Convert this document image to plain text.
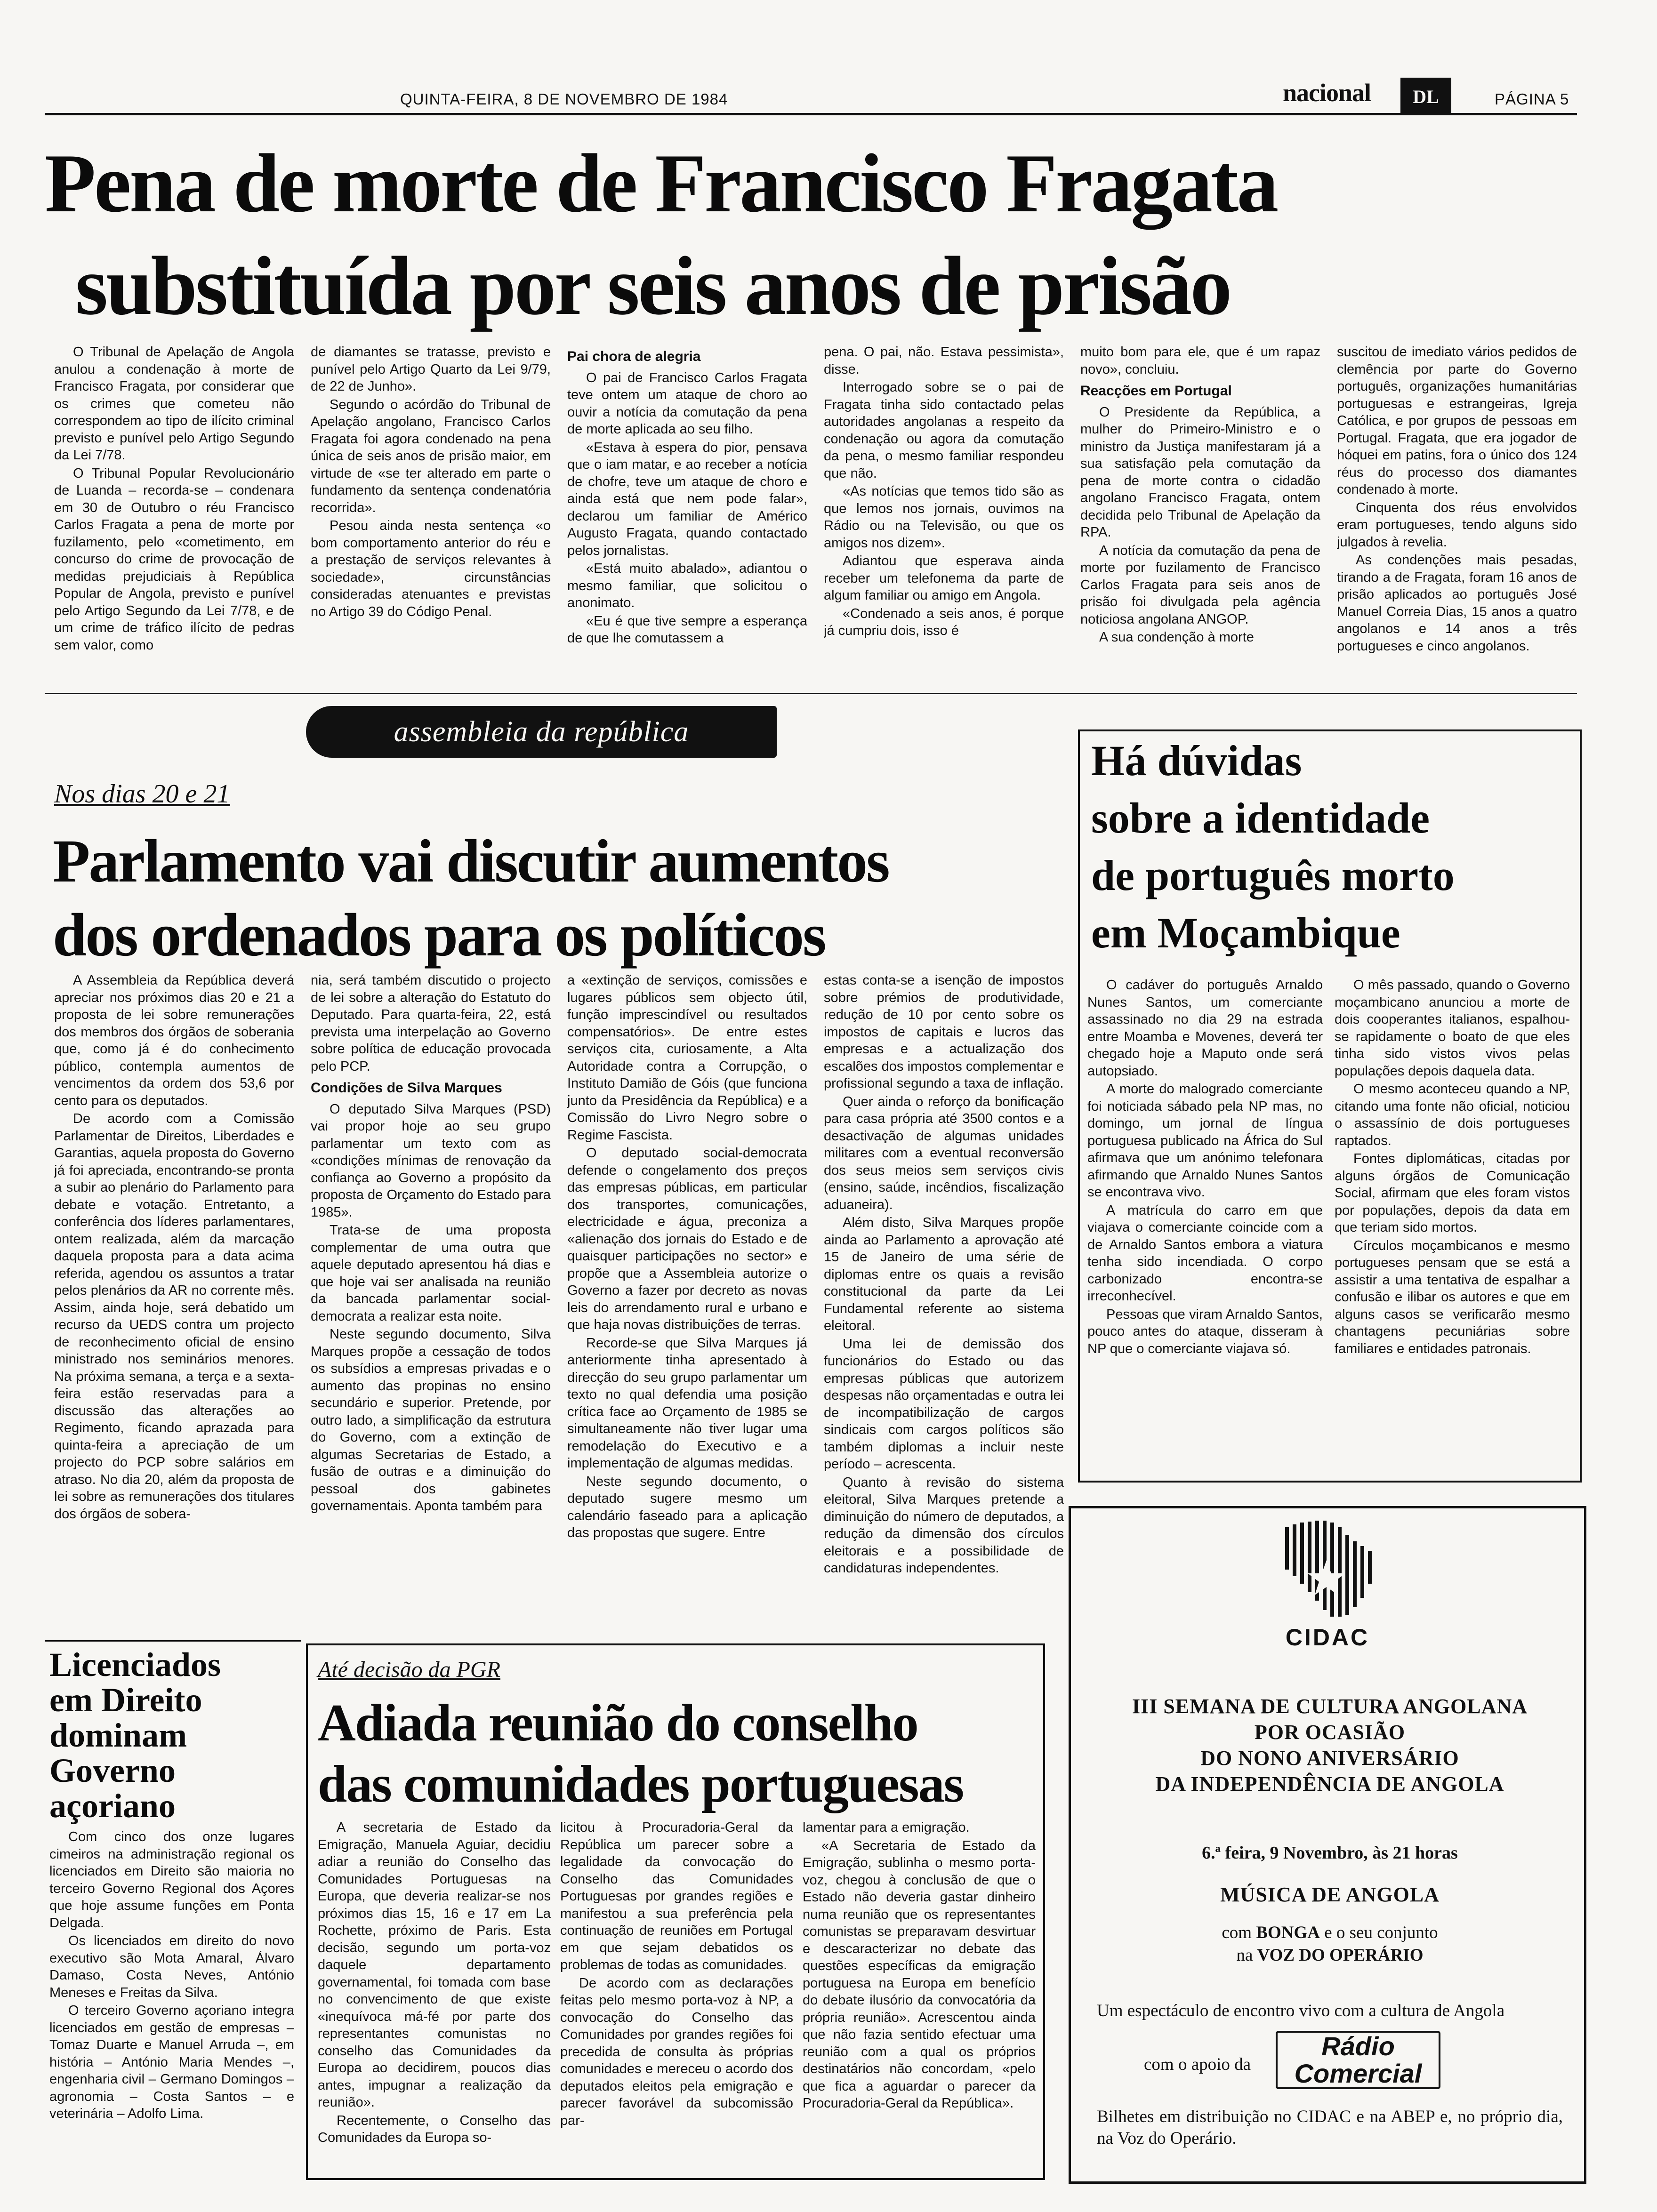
QUINTA-FEIRA, 8 DE NOVEMBRO DE 1984	nacional	DL	PÁGINA 5
Pena de morte de Francisco Fragata
substituída por seis anos de prisão

O Tribunal de Apelação de Angola anulou a condenação à morte de Francisco Fragata, por considerar que os crimes que cometeu não correspondem ao tipo de ilícito criminal previsto e punível pelo Artigo Segundo da Lei 7/78.

O Tribunal Popular Revolucionário de Luanda – recorda-se – condenara em 30 de Outubro o réu Francisco Carlos Fragata a pena de morte por fuzilamento, pelo «cometimento, em concurso do crime de provocação de medidas prejudiciais à República Popular de Angola, previsto e punível pelo Artigo Segundo da Lei 7/78, e de um crime de tráfico ilícito de pedras sem valor, como

de diamantes se tratasse, previsto e punível pelo Artigo Quarto da Lei 9/79, de 22 de Junho».

Segundo o acórdão do Tribunal de Apelação angolano, Francisco Carlos Fragata foi agora condenado na pena única de seis anos de prisão maior, em virtude de «se ter alterado em parte o fundamento da sentença condenatória recorrida».

Pesou ainda nesta sentença «o bom comportamento anterior do réu e a prestação de serviços relevantes à sociedade», circunstâncias consideradas atenuantes e previstas no Artigo 39 do Código Penal.

Pai chora de alegria

O pai de Francisco Carlos Fragata teve ontem um ataque de choro ao ouvir a notícia da comutação da pena de morte aplicada ao seu filho.

«Estava à espera do pior, pensava que o iam matar, e ao receber a notícia de chofre, teve um ataque de choro e ainda está que nem pode falar», declarou um familiar de Américo Augusto Fragata, quando contactado pelos jornalistas.

«Está muito abalado», adiantou o mesmo familiar, que solicitou o anonimato.

«Eu é que tive sempre a esperança de que lhe comutassem a

pena. O pai, não. Estava pessimista», disse.

Interrogado sobre se o pai de Fragata tinha sido contactado pelas autoridades angolanas a respeito da condenação ou agora da comutação da pena, o mesmo familiar respondeu que não.

«As notícias que temos tido são as que lemos nos jornais, ouvimos na Rádio ou na Televisão, ou que os amigos nos dizem».

Adiantou que esperava ainda receber um telefonema da parte de algum familiar ou amigo em Angola.

«Condenado a seis anos, é porque já cumpriu dois, isso é

muito bom para ele, que é um rapaz novo», concluiu.

Reacções em Portugal

O Presidente da República, a mulher do Primeiro-Ministro e o ministro da Justiça manifestaram já a sua satisfação pela comutação da pena de morte contra o cidadão angolano Francisco Fragata, ontem decidida pelo Tribunal de Apelação da RPA.

A notícia da comutação da pena de morte por fuzilamento de Francisco Carlos Fragata para seis anos de prisão foi divulgada pela agência noticiosa angolana ANGOP.

A sua condenção à morte

suscitou de imediato vários pedidos de clemência por parte do Governo português, organizações humanitárias portuguesas e estrangeiras, Igreja Católica, e por grupos de pessoas em Portugal. Fragata, que era jogador de hóquei em patins, fora o único dos 124 réus do processo dos diamantes condenado à morte.

Cinquenta dos réus envolvidos eram portugueses, tendo alguns sido julgados à revelia.

As condenções mais pesadas, tirando a de Fragata, foram 16 anos de prisão aplicados ao português José Manuel Correia Dias, 15 anos a quatro angolanos e 14 anos a três portugueses e cinco angolanos.

assembleia da república
Nos dias 20 e 21
Parlamento vai discutir aumentos
dos ordenados para os políticos

A Assembleia da República deverá apreciar nos próximos dias 20 e 21 a proposta de lei sobre remunerações dos membros dos órgãos de soberania que, como já é do conhecimento público, contempla aumentos de vencimentos da ordem dos 53,6 por cento para os deputados.

De acordo com a Comissão Parlamentar de Direitos, Liberdades e Garantias, aquela proposta do Governo já foi apreciada, encontrando-se pronta a subir ao plenário do Parlamento para debate e votação. Entretanto, a conferência dos líderes parlamentares, ontem realizada, além da marcação daquela proposta para a data acima referida, agendou os assuntos a tratar pelos plenários da AR no corrente mês. Assim, ainda hoje, será debatido um recurso da UEDS contra um projecto de reconhecimento oficial de ensino ministrado nos seminários menores. Na próxima semana, a terça e a sexta-feira estão reservadas para a discussão das alterações ao Regimento, ficando aprazada para quinta-feira a apreciação de um projecto do PCP sobre salários em atraso. No dia 20, além da proposta de lei sobre as remunerações dos titulares dos órgãos de sobera-

nia, será também discutido o projecto de lei sobre a alteração do Estatuto do Deputado. Para quarta-feira, 22, está prevista uma interpelação ao Governo sobre política de educação provocada pelo PCP.

Condições de Silva Marques

O deputado Silva Marques (PSD) vai propor hoje ao seu grupo parlamentar um texto com as «condições mínimas de renovação da confiança ao Governo a propósito da proposta de Orçamento do Estado para 1985».

Trata-se de uma proposta complementar de uma outra que aquele deputado apresentou há dias e que hoje vai ser analisada na reunião da bancada parlamentar social-democrata a realizar esta noite.

Neste segundo documento, Silva Marques propõe a cessação de todos os subsídios a empresas privadas e o aumento das propinas no ensino secundário e superior. Pretende, por outro lado, a simplificação da estrutura do Governo, com a extinção de algumas Secretarias de Estado, a fusão de outras e a diminuição do pessoal dos gabinetes governamentais. Aponta também para

a «extinção de serviços, comissões e lugares públicos sem objecto útil, função imprescindível ou resultados compensatórios». De entre estes serviços cita, curiosamente, a Alta Autoridade contra a Corrupção, o Instituto Damião de Góis (que funciona junto da Presidência da República) e a Comissão do Livro Negro sobre o Regime Fascista.

O deputado social-democrata defende o congelamento dos preços das empresas públicas, em particular dos transportes, comunicações, electricidade e água, preconiza a «alienação dos jornais do Estado e de quaisquer participações no sector» e propõe que a Assembleia autorize o Governo a fazer por decreto as novas leis do arrendamento rural e urbano e que haja novas distribuições de terras.

Recorde-se que Silva Marques já anteriormente tinha apresentado à direcção do seu grupo parlamentar um texto no qual defendia uma posição crítica face ao Orçamento de 1985 se simultaneamente não tiver lugar uma remodelação do Executivo e a implementação de algumas medidas.

Neste segundo documento, o deputado sugere mesmo um calendário faseado para a aplicação das propostas que sugere. Entre

estas conta-se a isenção de impostos sobre prémios de produtividade, redução de 10 por cento sobre os impostos de capitais e lucros das empresas e a actualização dos escalões dos impostos complementar e profissional segundo a taxa de inflação.

Quer ainda o reforço da bonificação para casa própria até 3500 contos e a desactivação de algumas unidades militares com a eventual reconversão dos seus meios sem serviços civis (ensino, saúde, incêndios, fiscalização aduaneira).

Além disto, Silva Marques propõe ainda ao Parlamento a aprovação até 15 de Janeiro de uma série de diplomas entre os quais a revisão constitucional da parte da Lei Fundamental referente ao sistema eleitoral.

Uma lei de demissão dos funcionários do Estado ou das empresas públicas que autorizem despesas não orçamentadas e outra lei de incompatibilização de cargos sindicais com cargos políticos são também diplomas a incluir neste período – acrescenta.

Quanto à revisão do sistema eleitoral, Silva Marques pretende a diminuição do número de deputados, a redução da dimensão dos círculos eleitorais e a possibilidade de candidaturas independentes.

Há dúvidas
sobre a identidade
de português morto
em Moçambique

O cadáver do português Arnaldo Nunes Santos, um comerciante assassinado no dia 29 na estrada entre Moamba e Movenes, deverá ter chegado hoje a Maputo onde será autopsiado.

A morte do malogrado comerciante foi noticiada sábado pela NP mas, no domingo, um jornal de língua portuguesa publicado na África do Sul afirmava que um anónimo telefonara afirmando que Arnaldo Nunes Santos se encontrava vivo.

A matrícula do carro em que viajava o comerciante coincide com a de Arnaldo Santos embora a viatura tenha sido incendiada. O corpo carbonizado encontra-se irreconhecível.

Pessoas que viram Arnaldo Santos, pouco antes do ataque, disseram à NP que o comerciante viajava só.

O mês passado, quando o Governo moçambicano anunciou a morte de dois cooperantes italianos, espalhou-se rapidamente o boato de que eles tinha sido vistos vivos pelas populações depois daquela data.

O mesmo aconteceu quando a NP, citando uma fonte não oficial, noticiou o assassínio de dois portugueses raptados.

Fontes diplomáticas, citadas por alguns órgãos de Comunicação Social, afirmam que eles foram vistos por populações, depois da data em que teriam sido mortos.

Círculos moçambicanos e mesmo portugueses pensam que se está a assistir a uma tentativa de espalhar a confusão e ilibar os autores e que em alguns casos se verificarão mesmo chantagens pecuniárias sobre familiares e entidades patronais.

Licenciados
em Direito
dominam
Governo
açoriano

Com cinco dos onze lugares cimeiros na administração regional os licenciados em Direito são maioria no terceiro Governo Regional dos Açores que hoje assume funções em Ponta Delgada.

Os licenciados em direito do novo executivo são Mota Amaral, Álvaro Damaso, Costa Neves, António Meneses e Freitas da Silva.

O terceiro Governo açoriano integra licenciados em gestão de empresas – Tomaz Duarte e Manuel Arruda –, em história – António Maria Mendes –, engenharia civil – Germano Domingos – agronomia – Costa Santos – e veterinária – Adolfo Lima.

Até decisão da PGR
Adiada reunião do conselho
das comunidades portuguesas

A secretaria de Estado da Emigração, Manuela Aguiar, decidiu adiar a reunião do Conselho das Comunidades Portuguesas na Europa, que deveria realizar-se nos próximos dias 15, 16 e 17 em La Rochette, próximo de Paris. Esta decisão, segundo um porta-voz daquele departamento governamental, foi tomada com base no convencimento de que existe «inequívoca má-fé por parte dos representantes comunistas no conselho das Comunidades da Europa ao decidirem, poucos dias antes, impugnar a realização da reunião».

Recentemente, o Conselho das Comunidades da Europa so-

licitou à Procuradoria-Geral da República um parecer sobre a legalidade da convocação do Conselho das Comunidades Portuguesas por grandes regiões e manifestou a sua preferência pela continuação de reuniões em Portugal em que sejam debatidos os problemas de todas as comunidades.

De acordo com as declarações feitas pelo mesmo porta-voz à NP, a convocação do Conselho das Comunidades por grandes regiões foi precedida de consulta às próprias comunidades e mereceu o acordo dos deputados eleitos pela emigração e parecer favorável da subcomissão par-

lamentar para a emigração.

«A Secretaria de Estado da Emigração, sublinha o mesmo porta-voz, chegou à conclusão de que o Estado não deveria gastar dinheiro numa reunião que os representantes comunistas se preparavam desvirtuar e descaracterizar no debate das questões específicas da emigração portuguesa na Europa em benefício do debate ilusório da convocatória da própria reunião». Acrescentou ainda que não fazia sentido efectuar uma reunião com a qual os próprios destinatários não concordam, «pelo que fica a aguardar o parecer da Procuradoria-Geral da República».

CIDAC
III SEMANA DE CULTURA ANGOLANA
POR OCASIÃO
DO NONO ANIVERSÁRIO
DA INDEPENDÊNCIA DE ANGOLA
6.ª feira, 9 Novembro, às 21 horas
MÚSICA DE ANGOLA
com BONGA e o seu conjunto
na VOZ DO OPERÁRIO
Um espectáculo de encontro vivo com a cultura de Angola
com o apoio da
Rádio
Comercial
Bilhetes em distribuição no CIDAC e na ABEP e, no próprio dia, na Voz do Operário.
